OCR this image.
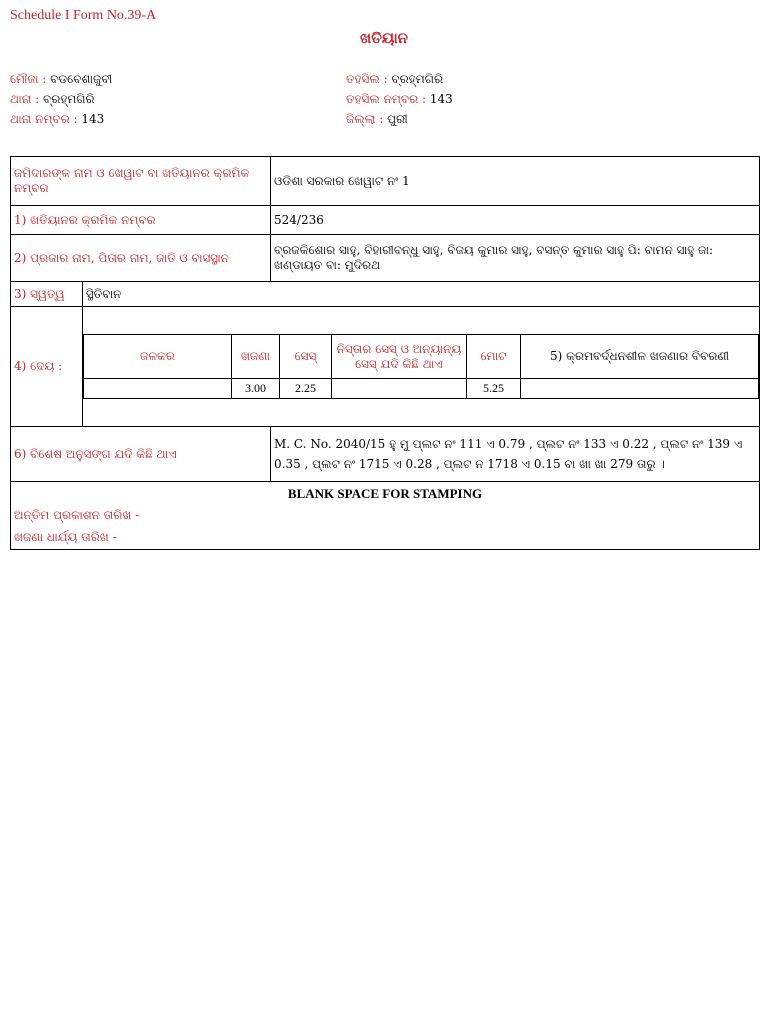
Schedule I Form No.39-A
ଖତିୟାନ
ମୌଜା : ବଡବେଶାଜୁବୀ
ଥାନା : ବ୍ରହ୍ମଗିରି
ଥାନା ନମ୍ବର : 143
ତହସିଲ : ବ୍ରହ୍ମଗିରି
ତହସିଲ ନମ୍ବର : 143
ଜିଲ୍ଲା : ପୁରୀ
ଜମିଦାରଙ୍କ ନାମ ଓ ଖେୱାଟ ବା ଖତିୟାନର କ୍ରମିକ ନମ୍ବର	ଓଡିଶା ସରକାର ଖେୱାଟ ନଂ 1
1) ଖତିୟାନର କ୍ରମିକ ନମ୍ବର	524/236
2) ପ୍ରଜାର ନାମ, ପିତାର ନାମ, ଜାତି ଓ ବାସସ୍ଥାନ	ବ୍ରଜକିଶୋର ସାହୁ, ବିହାରୀବନ୍ଧୁ ସାହୁ, ବିଜୟ କୁମାର ସାହୁ, ବସନ୍ତ କୁମାର ସାହୁ ପି: ବାମନ ସାହୁ ଜା: ଖଣ୍ଡାୟତ ବା: ମୁଦିରଥ
3) ସ୍ୱତ୍ୱ	ସ୍ଥିତିବାନ
4) ଦେୟ :	
ଜଳକର	ଖଜଣା	ସେସ୍	ନିସ୍ତାର ସେସ୍ ଓ ଅନ୍ୟାନ୍ୟ ସେସ୍ ଯଦି କିଛି ଥାଏ	ମୋଟ	5) କ୍ରମବର୍ଦ୍ଧନଶୀଳ ଖଜଣାର ବିବରଣୀ
	3.00	2.25		5.25	

6) ବିଶେଷ ଅନୁସଙ୍ଗ ଯଦି କିଛି ଥାଏ	M. C. No. 2040/15 ହୁ ମୁ ପ୍ଲଟ ନଂ 111 ଏ 0.79 , ପ୍ଲଟ ନଂ 133 ଏ 0.22 , ପ୍ଲଟ ନଂ 139 ଏ 0.35 , ପ୍ଲଟ ନଂ 1715 ଏ 0.28 , ପ୍ଲଟ ନ 1718 ଏ 0.15 ବା ଖା ଖା 279 ତାରୁ ।

BLANK SPACE FOR STAMPING
ଅନ୍ତିମ ପ୍ରକାଶନ ତାରିଖ -
ଖଜଣା ଧାର୍ଯ୍ୟ ତାରିଖ -
